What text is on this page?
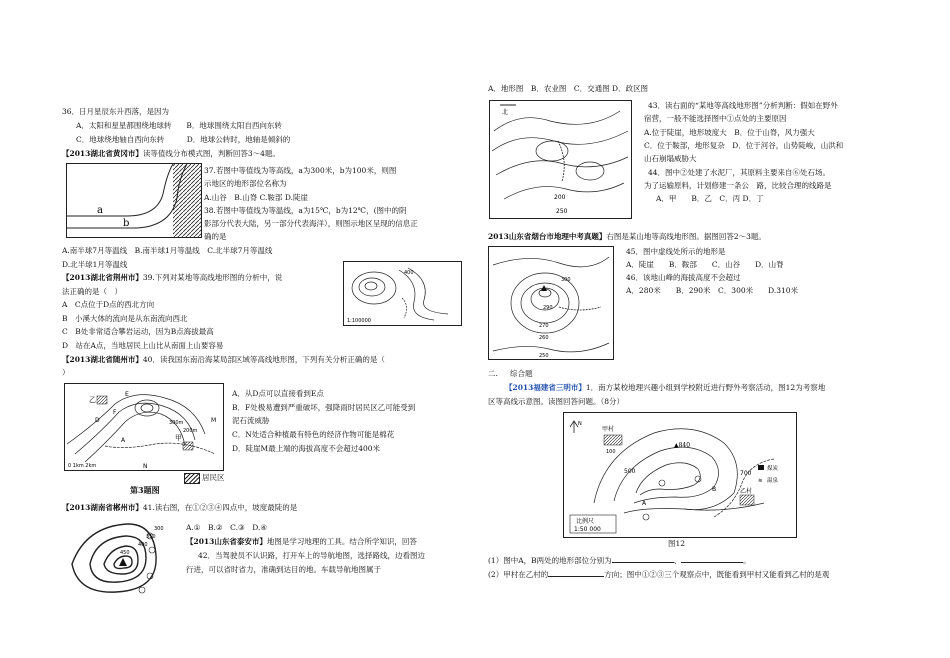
36．日月星辰东升西落，是因为
A．太阳和星星都围绕地球转　　B．地球围绕太阳自西向东转
C．地球绕地轴自西向东转　　　D．地球公转时，地轴是倾斜的
【2013湖北省黄冈市】读等值线分布模式图，判断回答3～4题。
a
b
37.若图中等值线为等高线，a为300米，b为100米，则图
示地区的地形部位名称为
A.山谷　B.山脊 C.鞍部 D.陡崖
38.若图中等值线为等温线，a为15℃，b为12℃，(图中的阴
影部分代表大陆，另一部分代表海洋），则图示地区呈现的信息正
确的是
A.南半球7月等温线　B.南半球1月等温线　C.北半球7月等温线
D.北半球1月等温线
【2013湖北省荆州市】39.下列对某地等高线地形图的分析中，说
法正确的是（　）
A　C点位于D点的西北方向
B　小溪大体的流向是从东南流向西北
C　B处非常适合攀岩运动，因为B点海拔最高
D　站在A点，当地居民上山比从南面上山要容易
400
1:100000
【2013湖北省随州市】40．读我国东南沿海某局部区域等高线地形图，下列有关分析正确的是（
）
乙
甲
M
N
F
D
E
A
300m
200m
0 1km 2km
居民区
第3题图
A．从D点可以直接看到E点
B．F处极易遭到严重破坏，强降雨时居民区乙可能受到
泥石流威胁
C．N处适合种植最有特色的经济作物可能是棉花
D．陡崖M最上端的海拔高度不会超过400米
【2013湖南省郴州市】41.读右图，在①②③④四点中，坡度最陡的是
450
400
350
300	A.①　B.②　C.③　D.④
【2013山东省泰安市】地图是学习地理的工具。结合所学知识，回答
42．当驾驶员不认识路，打开车上的导航地图，选择路线，边看图边
行进，可以省时省力，准确到达目的地。车载导航地图属于
A．地形图　B．农业图　C．交通图 D．政区图
北
200
250
43．读右面的“某地等高线地形图”分析判断：假如在野外
宿营，一般不能选择图中①点处的主要原因
A.位于陡崖，地形坡度大　B．位于山脊，风力强大
C．位于鞍部，地形复杂　D．位于河谷，山势陡峻，山洪和
山石崩塌威胁大
44．图中②处建了水泥厂，其原料主要来自⑥处石场。
为了运输原料，计划修建一条公　路，比较合理的线路是
A．甲　　B．乙　C．丙 D．丁
2013山东省烟台市地理中考真题】右图是某山地等高线地形图。据图回答2～3题。
300
290
270
260
250
45．图中虚线处所示的地形是
A．陡崖　　B．鞍部　　C．山谷　　D．山脊
46．该地山峰的海拔高度不会超过
A．280米　　B．290米　C．300米　　D.310米
二. 综合题
【2013福建省三明市】1．南方某校地理兴趣小组到学校附近进行野外考察活动，图12为考察地
区等高线示意图。读图回答问题。（8分）
N
甲村
100
▲840
500	700
乙村
煤炭
≋ 温泉
A
B
比例尺
1:50 000
图12
(1）图中A，B两处的地形部位分别为	、	。
(2）甲村在乙村的	方向；图中①②③三个观察点中，既能看到甲村又能看到乙村的是观
